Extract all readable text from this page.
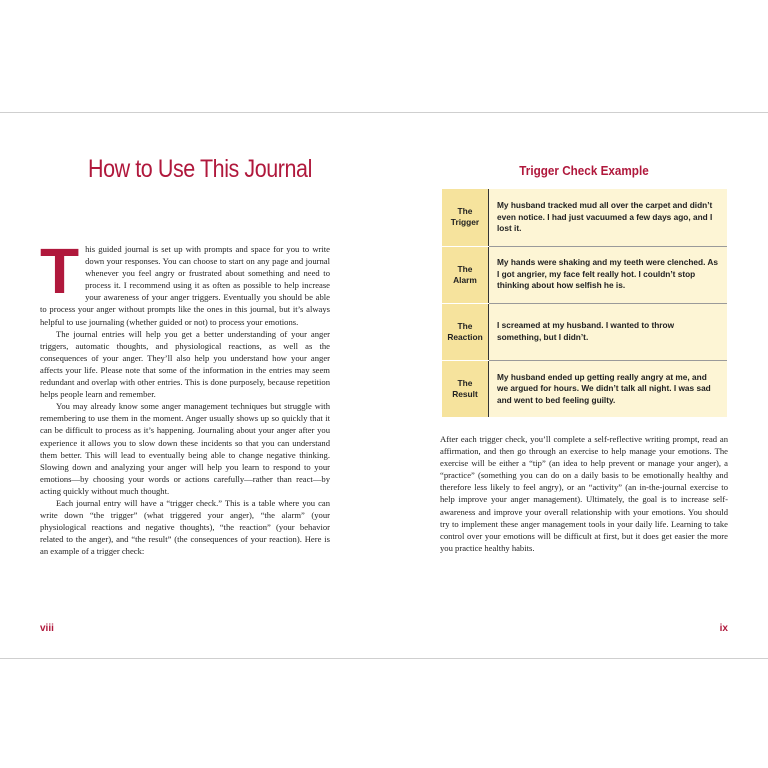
How to Use This Journal

This guided journal is set up with prompts and space for you to write down your responses. You can choose to start on any page and journal whenever you feel angry or frustrated about something and need to process it. I recommend using it as often as possible to help increase your awareness of your anger triggers. Eventually you should be able to process your anger without prompts like the ones in this journal, but it’s always helpful to use journaling (whether guided or not) to process your emotions.

The journal entries will help you get a better understanding of your anger triggers, automatic thoughts, and physiological reactions, as well as the consequences of your anger. They’ll also help you understand how your anger affects your life. Please note that some of the information in the entries may seem redundant and overlap with other entries. This is done purposely, because repetition helps people learn and remember.

You may already know some anger management techniques but struggle with remembering to use them in the moment. Anger usually shows up so quickly that it can be difficult to process as it’s happening. Journaling about your anger after you experience it allows you to slow down these incidents so that you can understand them better. This will lead to eventually being able to change negative thinking. Slowing down and analyzing your anger will help you learn to respond to your emotions—by choosing your words or actions carefully—rather than react—by acting quickly without much thought.

Each journal entry will have a “trigger check.” This is a table where you can write down “the trigger” (what triggered your anger), “the alarm” (your physiological reactions and negative thoughts), “the reaction” (your behavior related to the anger), and “the result” (the consequences of your reaction). Here is an example of a trigger check:

viii
Trigger Check Example
The
Trigger	My husband tracked mud all over the carpet and didn’t even notice. I had just vacuumed a few days ago, and I lost it.
The
Alarm	My hands were shaking and my teeth were clenched. As I got angrier, my face felt really hot. I couldn’t stop thinking about how selfish he is.
The
Reaction	I screamed at my husband. I wanted to throw something, but I didn’t.
The
Result	My husband ended up getting really angry at me, and we argued for hours. We didn’t talk all night. I was sad and went to bed feeling guilty.

After each trigger check, you’ll complete a self-reflective writing prompt, read an affirmation, and then go through an exercise to help manage your emotions. The exercise will be either a “tip” (an idea to help prevent or manage your anger), a “practice” (something you can do on a daily basis to be emotionally healthy and therefore less likely to feel angry), or an “activity” (an in-the-journal exercise to help improve your anger management). Ultimately, the goal is to increase self-awareness and improve your overall relationship with your emotions. You should try to implement these anger management tools in your daily life. Learning to take control over your emotions will be difficult at first, but it does get easier the more you practice healthy habits.

ix
